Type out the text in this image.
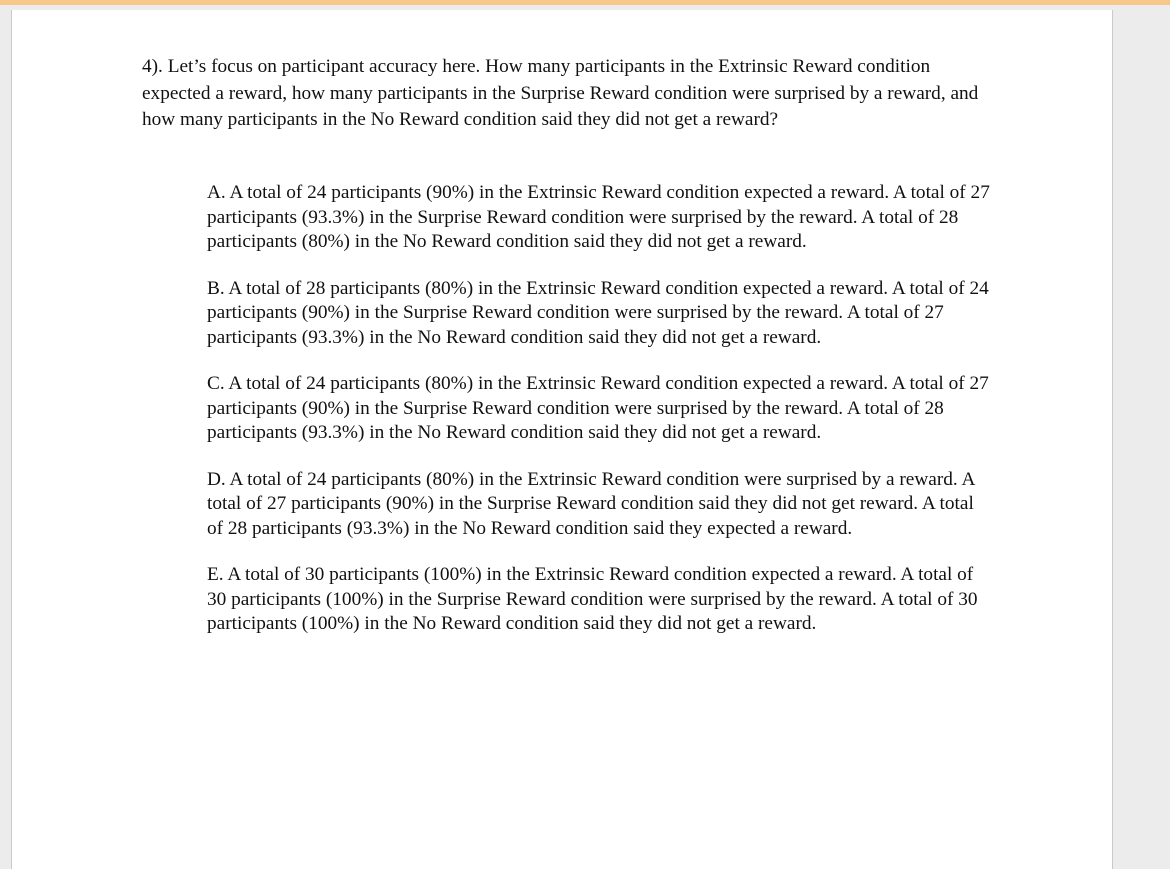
4). Let’s focus on participant accuracy here. How many participants in the Extrinsic Reward condition expected a reward, how many participants in the Surprise Reward condition were surprised by a reward, and how many participants in the No Reward condition said they did not get a reward?

A. A total of 24 participants (90%) in the Extrinsic Reward condition expected a reward. A total of 27 participants (93.3%) in the Surprise Reward condition were surprised by the reward. A total of 28 participants (80%) in the No Reward condition said they did not get a reward.

B. A total of 28 participants (80%) in the Extrinsic Reward condition expected a reward. A total of 24 participants (90%) in the Surprise Reward condition were surprised by the reward. A total of 27 participants (93.3%) in the No Reward condition said they did not get a reward.

C. A total of 24 participants (80%) in the Extrinsic Reward condition expected a reward. A total of 27 participants (90%) in the Surprise Reward condition were surprised by the reward. A total of 28 participants (93.3%) in the No Reward condition said they did not get a reward.

D. A total of 24 participants (80%) in the Extrinsic Reward condition were surprised by a reward. A total of 27 participants (90%) in the Surprise Reward condition said they did not get reward. A total of 28 participants (93.3%) in the No Reward condition said they expected a reward.

E. A total of 30 participants (100%) in the Extrinsic Reward condition expected a reward. A total of 30 participants (100%) in the Surprise Reward condition were surprised by the reward. A total of 30 participants (100%) in the No Reward condition said they did not get a reward.
